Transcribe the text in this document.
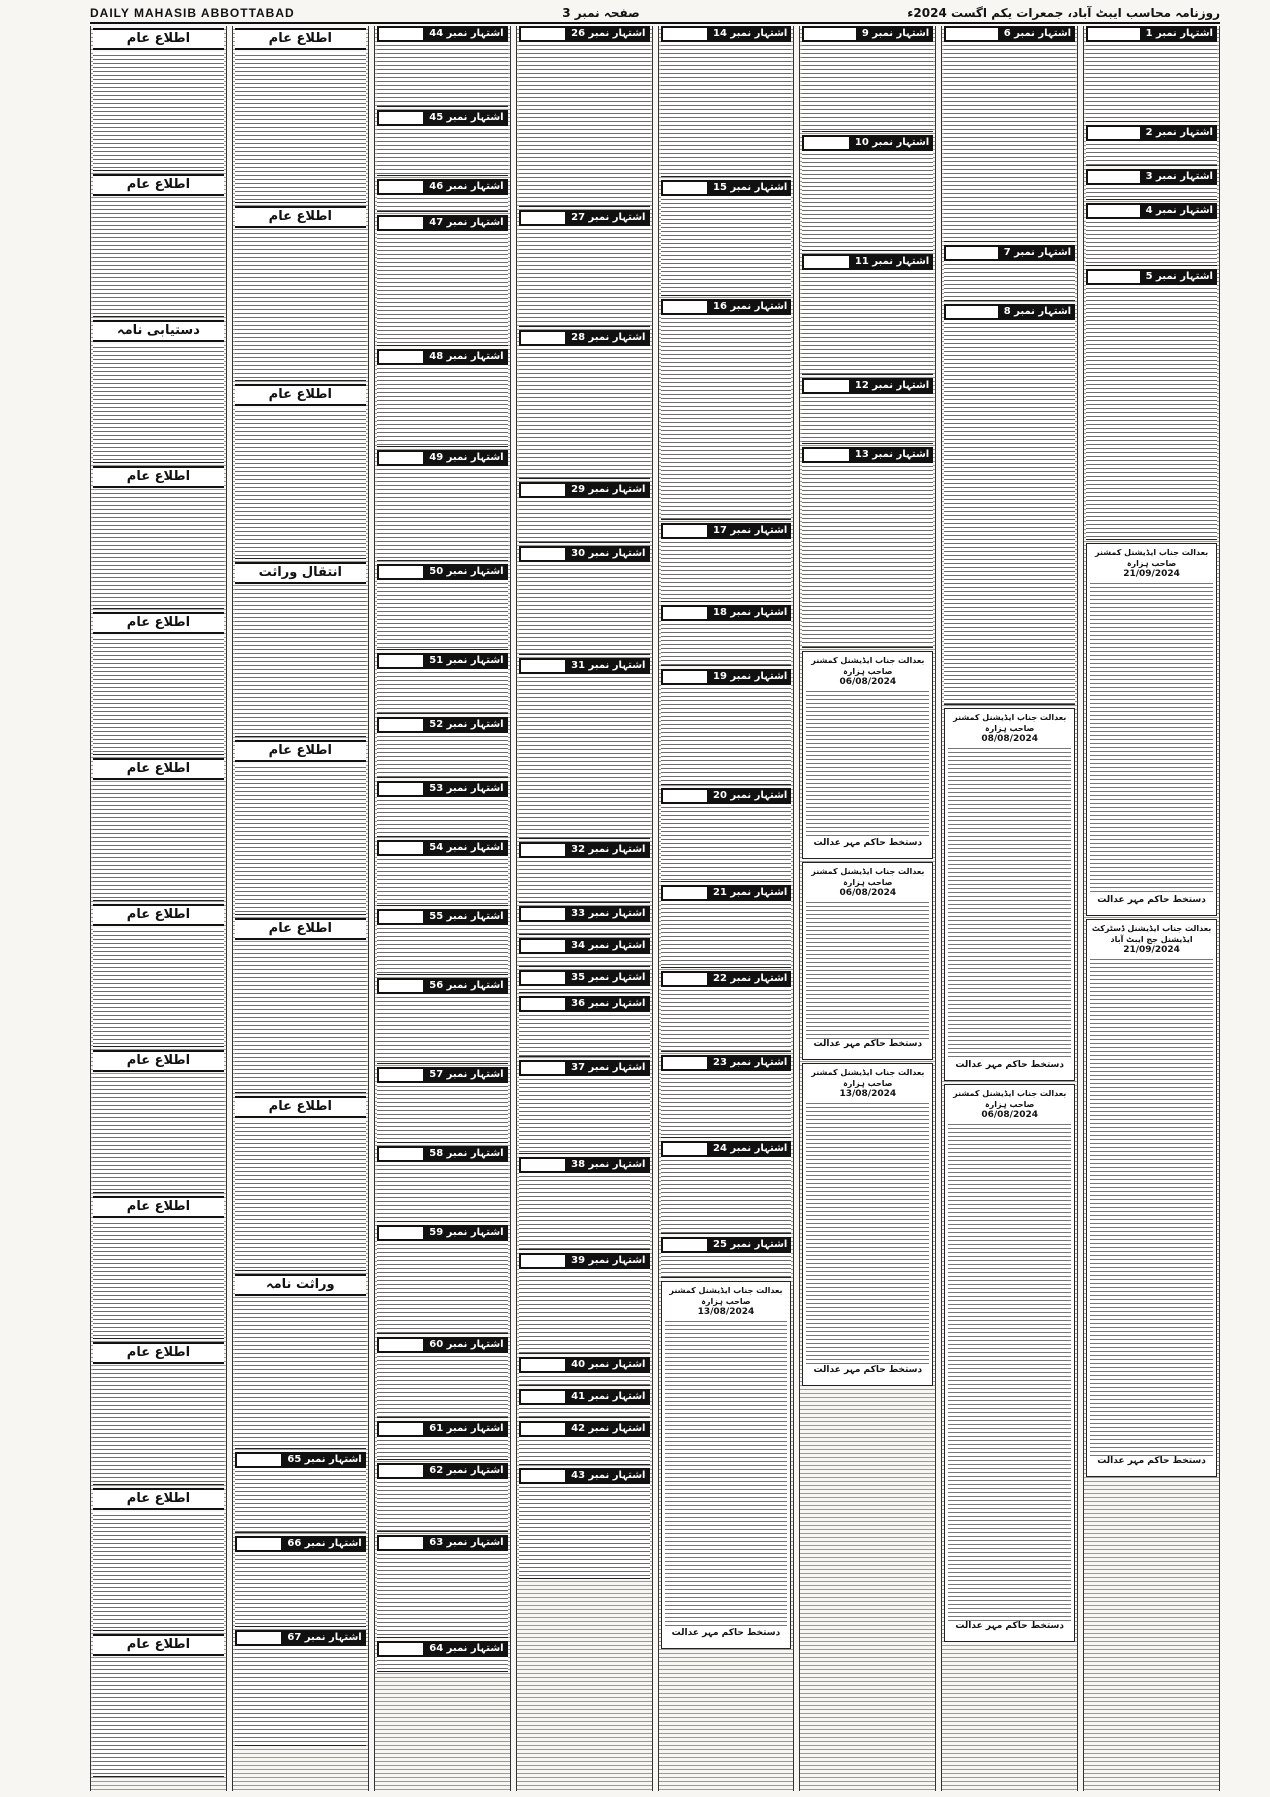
DAILY MAHASIB ABBOTTABAD	صفحہ نمبر 3	روزنامہ محاسب ایبٹ آباد، جمعرات یکم اگست 2024ء
اطلاع عام
اطلاع عام
دستیابی نامہ
اطلاع عام
اطلاع عام
اطلاع عام
اطلاع عام
اطلاع عام
اطلاع عام
اطلاع عام
اطلاع عام
اطلاع عام
اطلاع عام
اطلاع عام
اطلاع عام
انتقال وراثت
اطلاع عام
اطلاع عام
اطلاع عام
وراثت نامہ
اشتہار نمبر 65
اشتہار نمبر 66
اشتہار نمبر 67
اشتہار نمبر 44
اشتہار نمبر 45
اشتہار نمبر 46
اشتہار نمبر 47
اشتہار نمبر 48
اشتہار نمبر 49
اشتہار نمبر 50
اشتہار نمبر 51
اشتہار نمبر 52
اشتہار نمبر 53
اشتہار نمبر 54
اشتہار نمبر 55
اشتہار نمبر 56
اشتہار نمبر 57
اشتہار نمبر 58
اشتہار نمبر 59
اشتہار نمبر 60
اشتہار نمبر 61
اشتہار نمبر 62
اشتہار نمبر 63
اشتہار نمبر 64
اشتہار نمبر 26
اشتہار نمبر 27
اشتہار نمبر 28
اشتہار نمبر 29
اشتہار نمبر 30
اشتہار نمبر 31
اشتہار نمبر 32
اشتہار نمبر 33
اشتہار نمبر 34
اشتہار نمبر 35
اشتہار نمبر 36
اشتہار نمبر 37
اشتہار نمبر 38
اشتہار نمبر 39
اشتہار نمبر 40
اشتہار نمبر 41
اشتہار نمبر 42
اشتہار نمبر 43
اشتہار نمبر 14
اشتہار نمبر 15
اشتہار نمبر 16
اشتہار نمبر 17
اشتہار نمبر 18
اشتہار نمبر 19
اشتہار نمبر 20
اشتہار نمبر 21
اشتہار نمبر 22
اشتہار نمبر 23
اشتہار نمبر 24
اشتہار نمبر 25
بعدالت جناب ایڈیشنل کمشنر صاحب ہزارہ
13/08/2024
دستخط حاکم مہر عدالت
اشتہار نمبر 9
اشتہار نمبر 10
اشتہار نمبر 11
اشتہار نمبر 12
اشتہار نمبر 13
بعدالت جناب ایڈیشنل کمشنر صاحب ہزارہ
06/08/2024
دستخط حاکم مہر عدالت
بعدالت جناب ایڈیشنل کمشنر صاحب ہزارہ
06/08/2024
دستخط حاکم مہر عدالت
بعدالت جناب ایڈیشنل کمشنر صاحب ہزارہ
13/08/2024
دستخط حاکم مہر عدالت
اشتہار نمبر 6
اشتہار نمبر 7
اشتہار نمبر 8
بعدالت جناب ایڈیشنل کمشنر صاحب ہزارہ
08/08/2024
دستخط حاکم مہر عدالت
بعدالت جناب ایڈیشنل کمشنر صاحب ہزارہ
06/08/2024
دستخط حاکم مہر عدالت
اشتہار نمبر 1
اشتہار نمبر 2
اشتہار نمبر 3
اشتہار نمبر 4
اشتہار نمبر 5
بعدالت جناب ایڈیشنل کمشنر صاحب ہزارہ
21/09/2024
دستخط حاکم مہر عدالت
بعدالت جناب ایڈیشنل ڈسٹرکٹ ایڈیشنل جج ایبٹ آباد
21/09/2024
دستخط حاکم مہر عدالت
